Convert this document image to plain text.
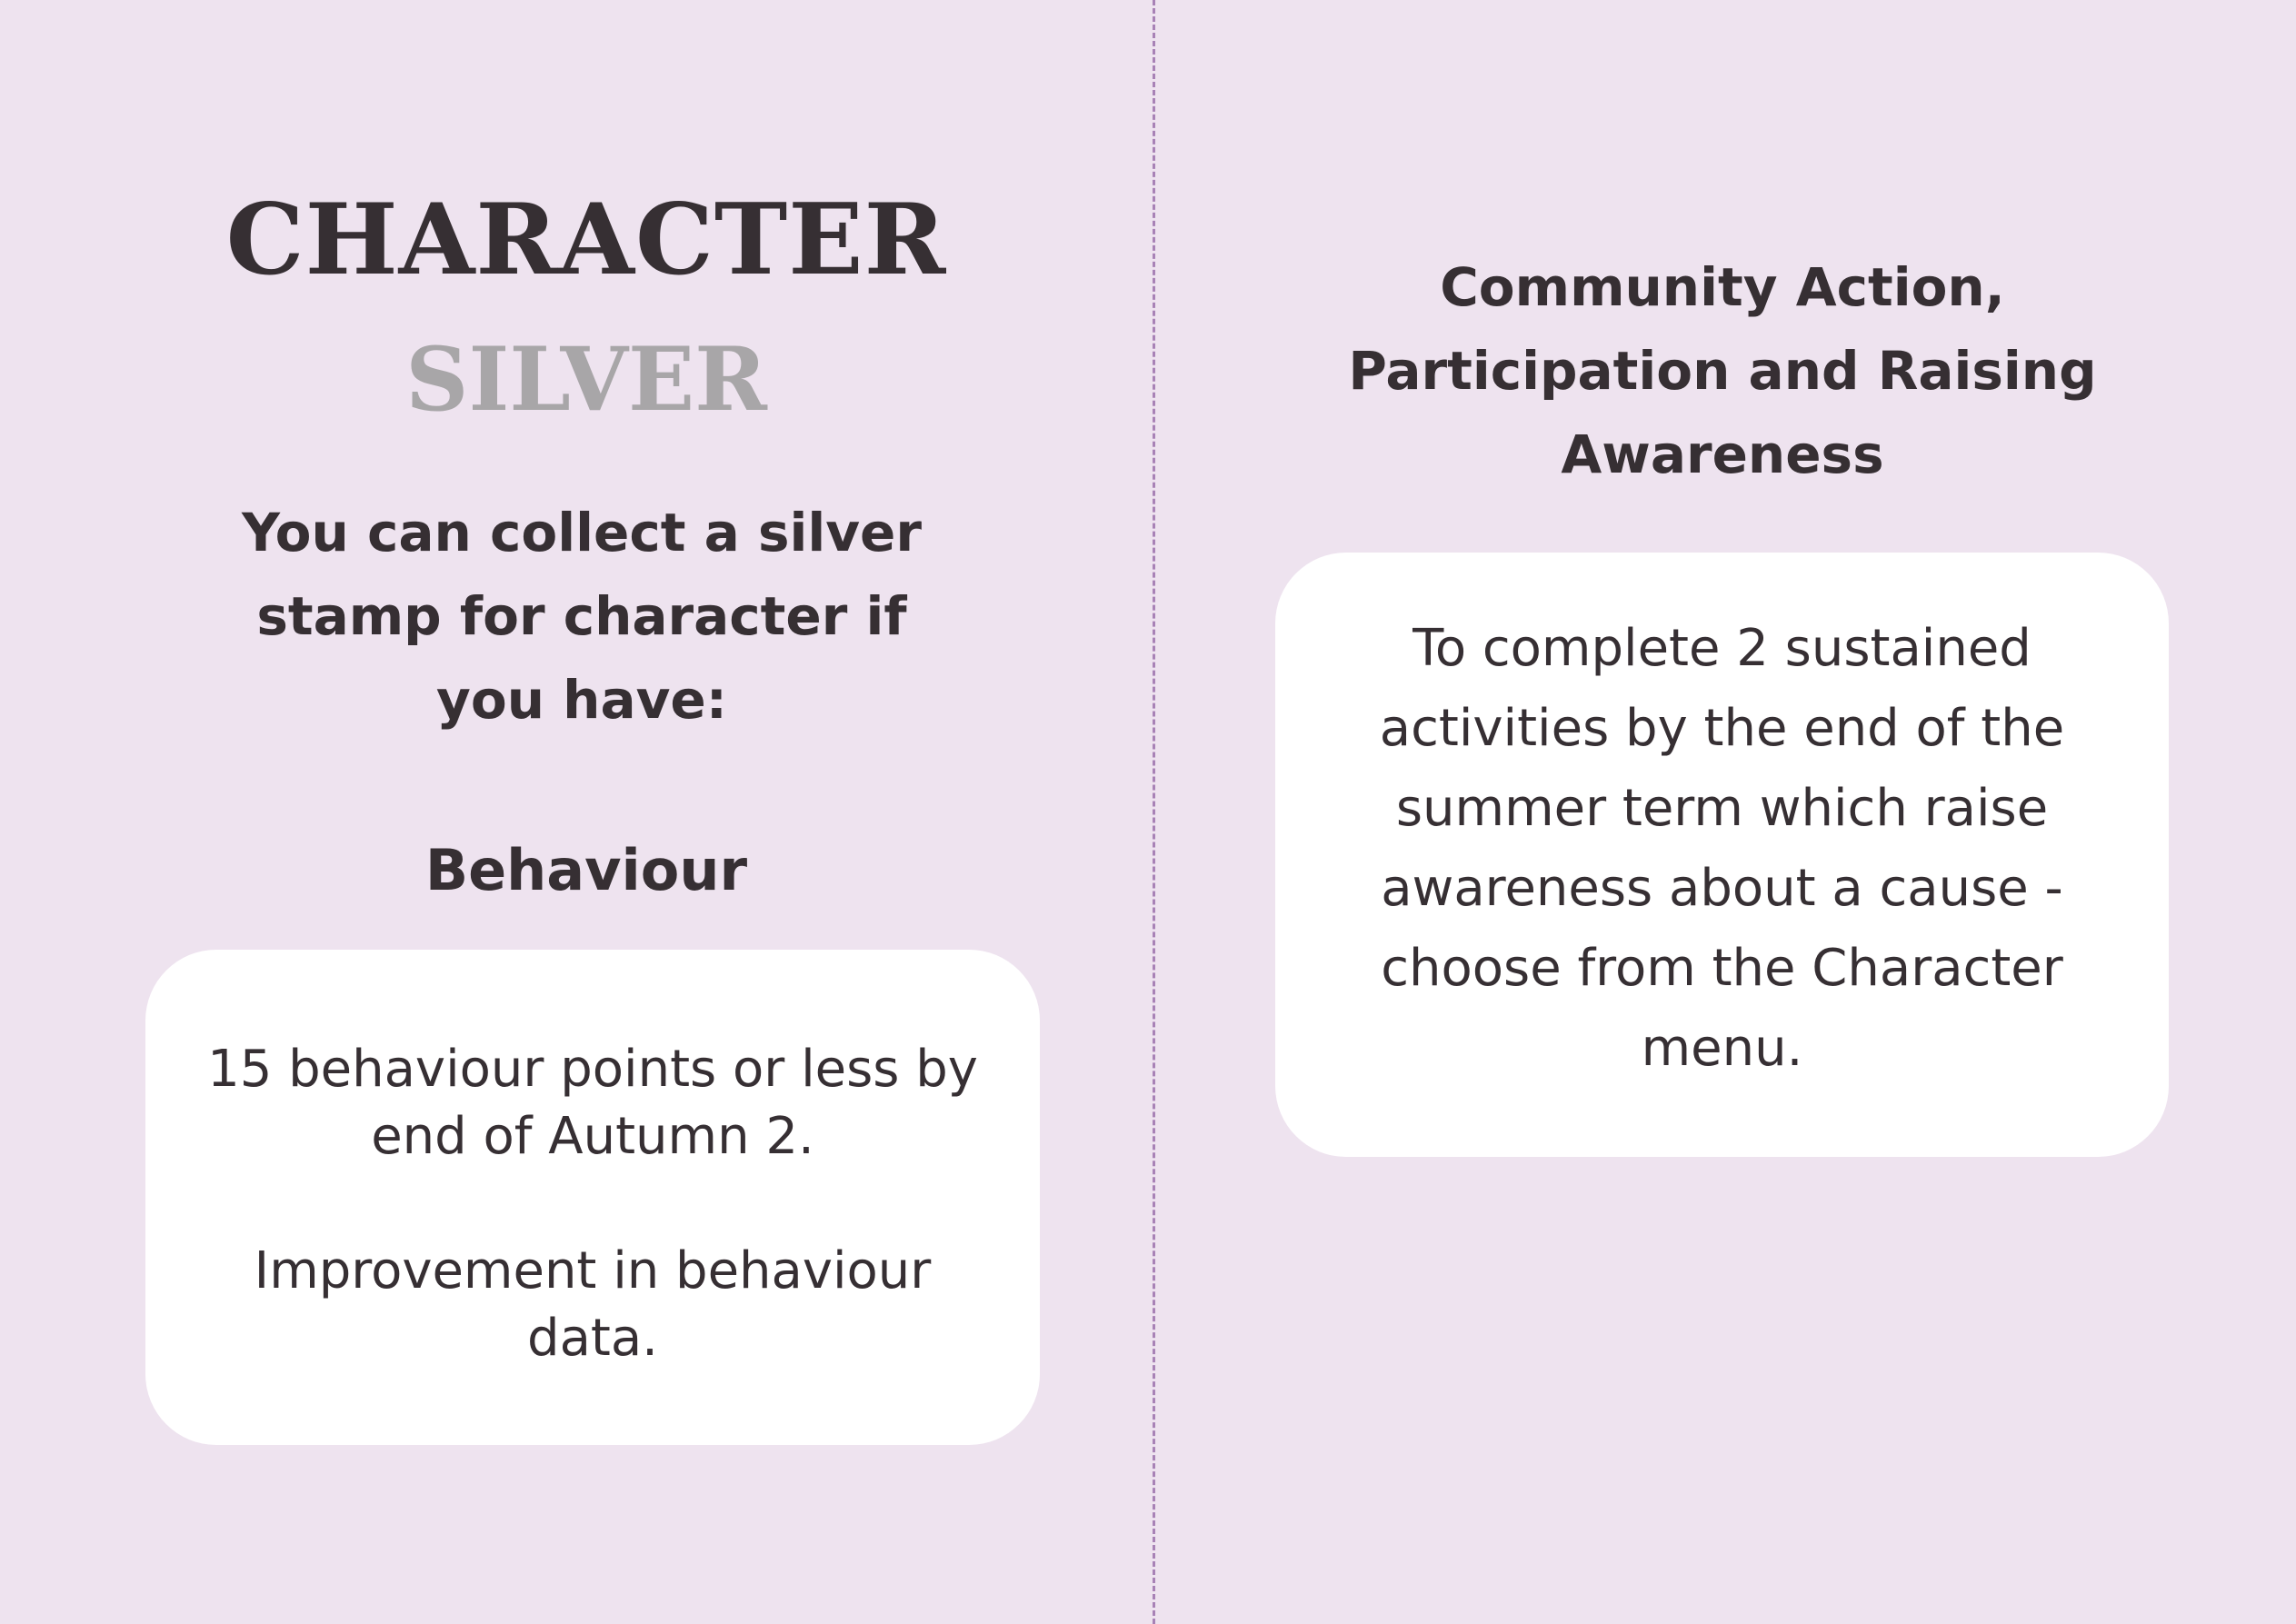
CHARACTER
SILVER
You can collect a silver
stamp for character if
you have:
Behaviour

15 behaviour points or less by
end of Autumn 2.

Improvement in behaviour
data.

Community Action,
Participation and Raising
Awareness
To complete 2 sustained
activities by the end of the
summer term which raise
awareness about a cause -
choose from the Character
menu.
